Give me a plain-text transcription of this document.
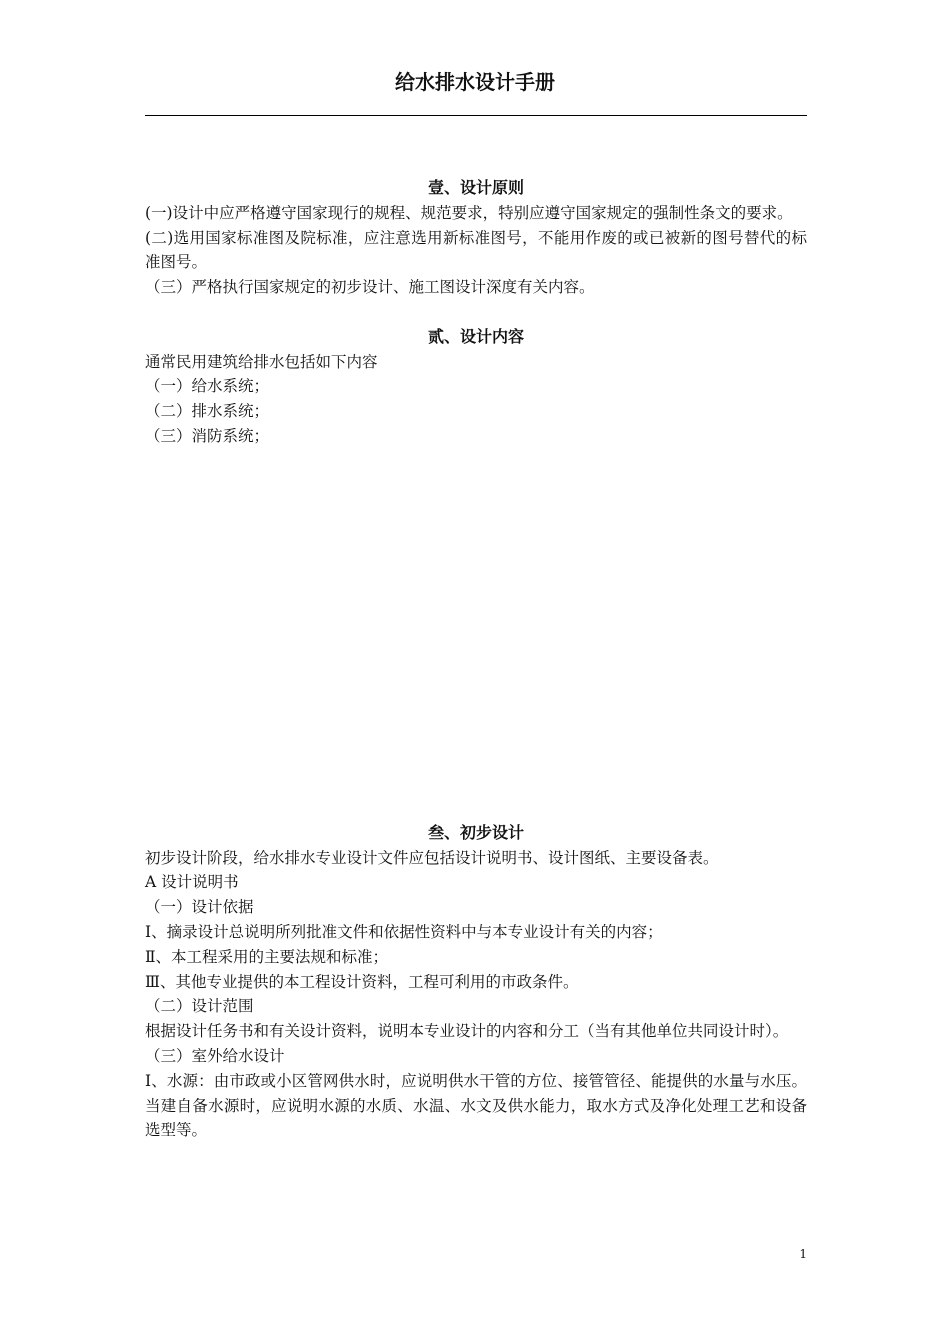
给水排水设计手册
壹、设计原则

(一)设计中应严格遵守国家现行的规程、规范要求，特别应遵守国家规定的强制性条文的要求。

(二)选用国家标准图及院标准，应注意选用新标准图号，不能用作废的或已被新的图号替代的标准图号。

（三）严格执行国家规定的初步设计、施工图设计深度有关内容。

贰、设计内容

通常民用建筑给排水包括如下内容

（一）给水系统；

（二）排水系统；

（三）消防系统；

叁、初步设计

初步设计阶段，给水排水专业设计文件应包括设计说明书、设计图纸、主要设备表。

A 设计说明书

（一）设计依据

Ⅰ、摘录设计总说明所列批准文件和依据性资料中与本专业设计有关的内容；

Ⅱ、本工程采用的主要法规和标准；

Ⅲ、其他专业提供的本工程设计资料，工程可利用的市政条件。

（二）设计范围

根据设计任务书和有关设计资料，说明本专业设计的内容和分工（当有其他单位共同设计时）。

（三）室外给水设计

Ⅰ、水源：由市政或小区管网供水时，应说明供水干管的方位、接管管径、能提供的水量与水压。当建自备水源时，应说明水源的水质、水温、水文及供水能力，取水方式及净化处理工艺和设备选型等。

1
